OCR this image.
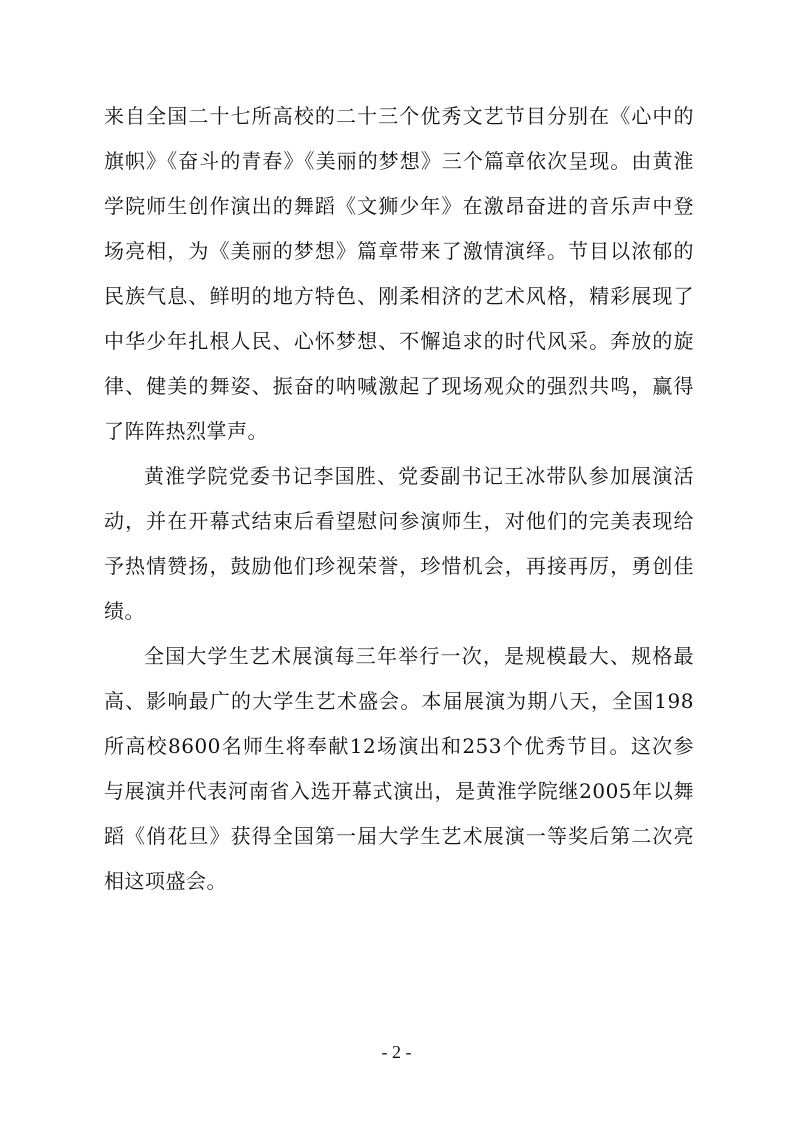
来自全国二十七所高校的二十三个优秀文艺节目分别在《心中的旗帜》《奋斗的青春》《美丽的梦想》三个篇章依次呈现。由黄淮学院师生创作演出的舞蹈《文狮少年》在激昂奋进的音乐声中登场亮相，为《美丽的梦想》篇章带来了激情演绎。节目以浓郁的民族气息、鲜明的地方特色、刚柔相济的艺术风格，精彩展现了中华少年扎根人民、心怀梦想、不懈追求的时代风采。奔放的旋律、健美的舞姿、振奋的呐喊激起了现场观众的强烈共鸣，赢得了阵阵热烈掌声。

黄淮学院党委书记李国胜、党委副书记王冰带队参加展演活动，并在开幕式结束后看望慰问参演师生，对他们的完美表现给予热情赞扬，鼓励他们珍视荣誉，珍惜机会，再接再厉，勇创佳绩。

全国大学生艺术展演每三年举行一次，是规模最大、规格最高、影响最广的大学生艺术盛会。本届展演为期八天，全国198所高校8600名师生将奉献12场演出和253个优秀节目。这次参与展演并代表河南省入选开幕式演出，是黄淮学院继2005年以舞蹈《俏花旦》获得全国第一届大学生艺术展演一等奖后第二次亮相这项盛会。

- 2 -
